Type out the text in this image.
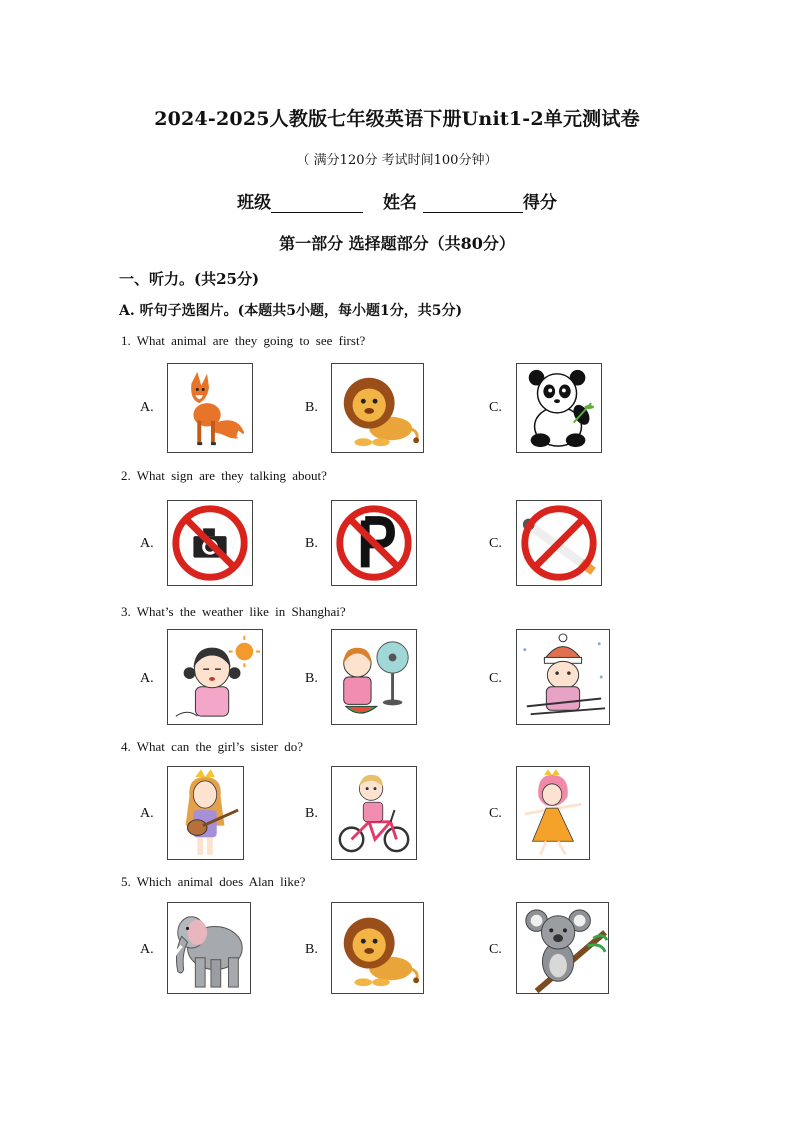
2024-2025人教版七年级英语下册Unit1-2单元测试卷
（ 满分120分 考试时间100分钟）
班级	姓名	得分
第一部分 选择题部分（共80分）
一、听力。(共25分)
A. 听句子选图片。(本题共5小题，每小题1分，共5分)
1. What animal are they going to see first?
A.	B.	C.
2. What sign are they talking about?
A.	B.	C.
3. What’s the weather like in Shanghai?
A.	B.	C.
4. What can the girl’s sister do?
A.	B.	C.
5. Which animal does Alan like?
A.	B.	C.
